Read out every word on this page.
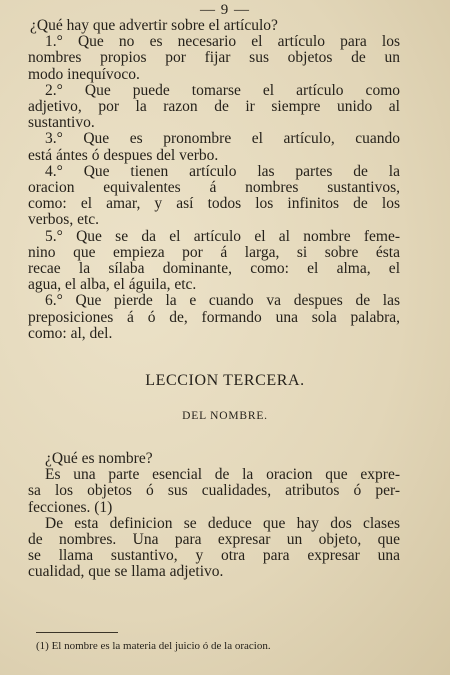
— 9 —
¿Qué hay que advertir sobre el artículo?
1.° Que no es necesario el artículo para los
nombres propios por fijar sus objetos de un
modo inequívoco.
2.° Que puede tomarse el artículo como
adjetivo, por la razon de ir siempre unido al
sustantivo.
3.° Que es pronombre el artículo, cuando
está ántes ó despues del verbo.
4.° Que tienen artículo las partes de la
oracion equivalentes á nombres sustantivos,
como: el amar, y así todos los infinitos de los
verbos, etc.
5.° Que se da el artículo el al nombre feme-
nino que empieza por á larga, si sobre ésta
recae la sílaba dominante, como: el alma, el
agua, el alba, el águila, etc.
6.° Que pierde la e cuando va despues de las
preposiciones á ó de, formando una sola palabra,
como: al, del.
LECCION TERCERA.
DEL NOMBRE.
¿Qué es nombre?
Es una parte esencial de la oracion que expre-
sa los objetos ó sus cualidades, atributos ó per-
fecciones. (1)
De esta definicion se deduce que hay dos clases
de nombres. Una para expresar un objeto, que
se llama sustantivo, y otra para expresar una
cualidad, que se llama adjetivo.
(1) El nombre es la materia del juicio ó de la oracion.
